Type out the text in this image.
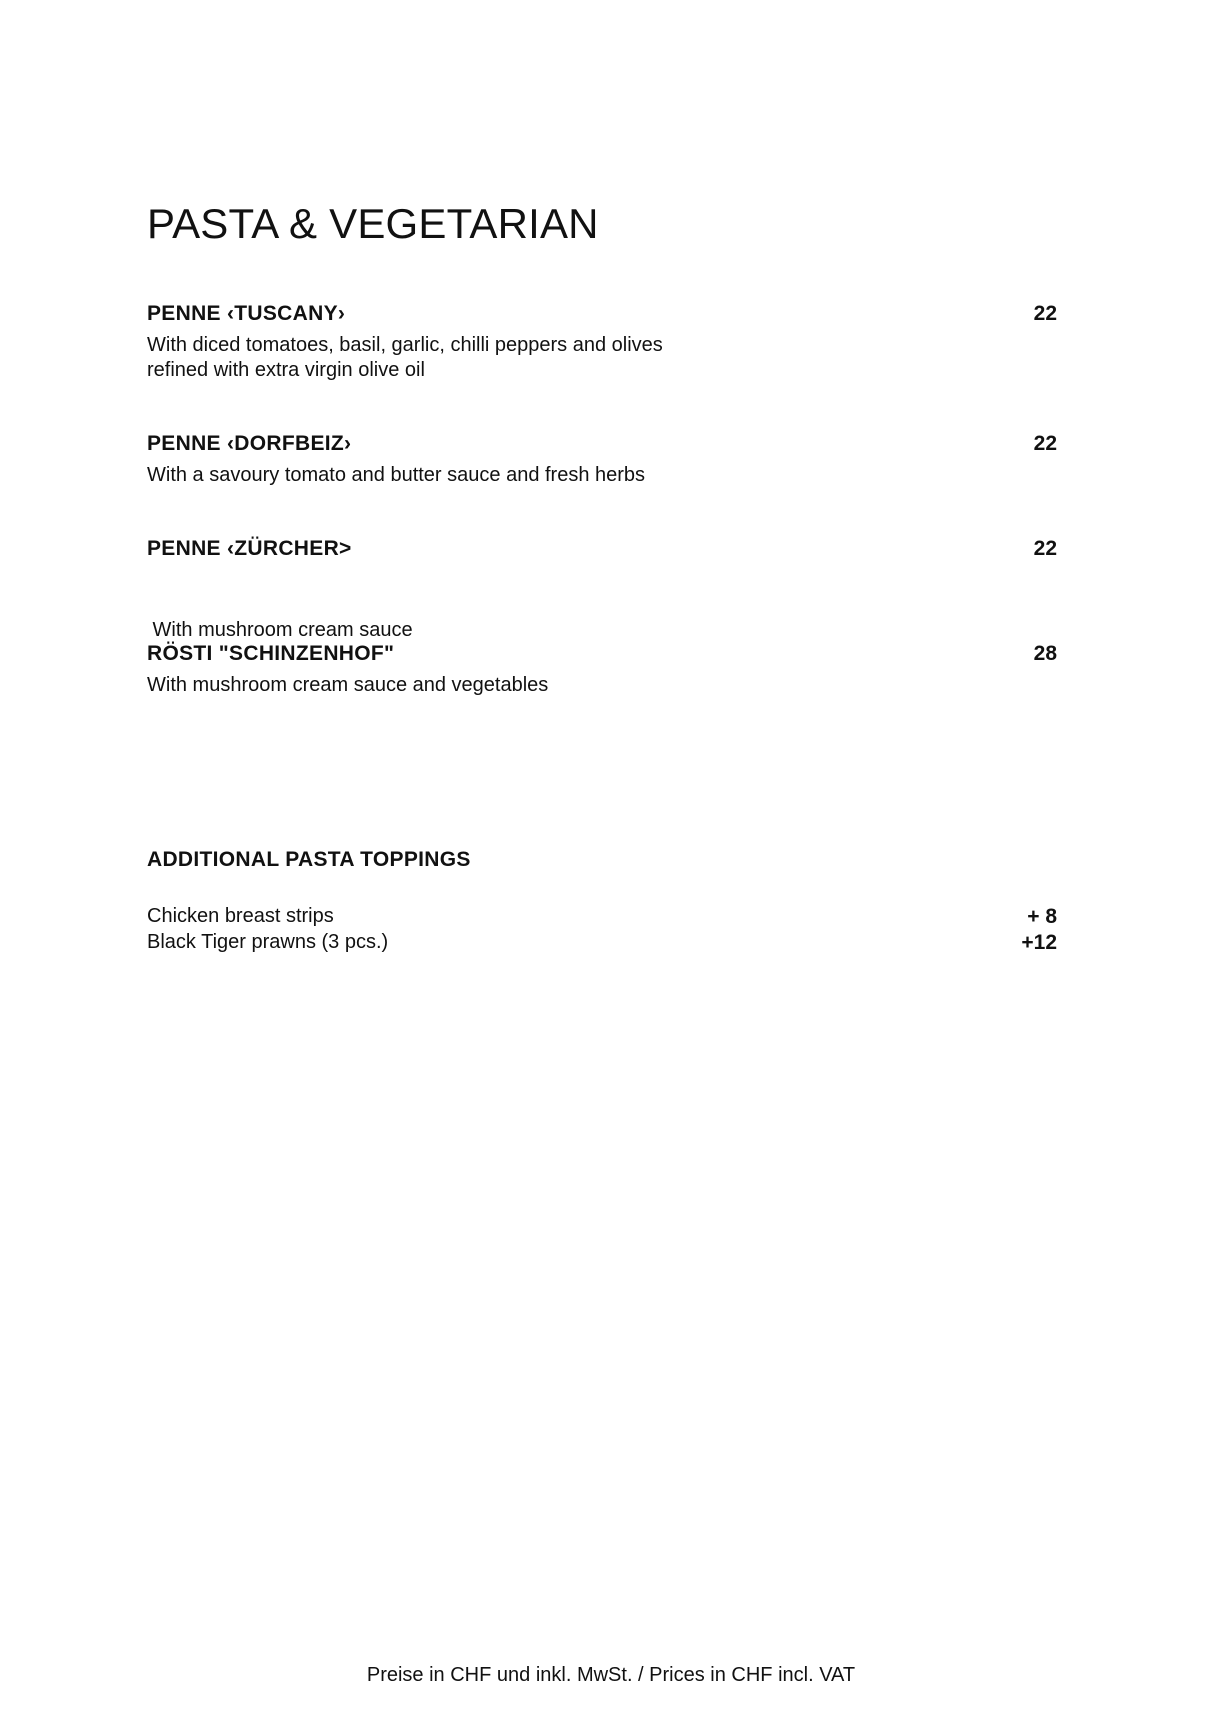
PASTA & VEGETARIAN
PENNE ‹TUSCANY›	22
With diced tomatoes, basil, garlic, chilli peppers and olives
refined with extra virgin olive oil
PENNE ‹DORFBEIZ›	22
With a savoury tomato and butter sauce and fresh herbs
PENNE ‹ZÜRCHER>	22

With mushroom cream sauce

RÖSTI "SCHINZENHOF"	28
With mushroom cream sauce and vegetables
ADDITIONAL PASTA TOPPINGS
Chicken breast strips	+ 8
Black Tiger prawns (3 pcs.)	+12
Preise in CHF und inkl. MwSt. / Prices in CHF incl. VAT
